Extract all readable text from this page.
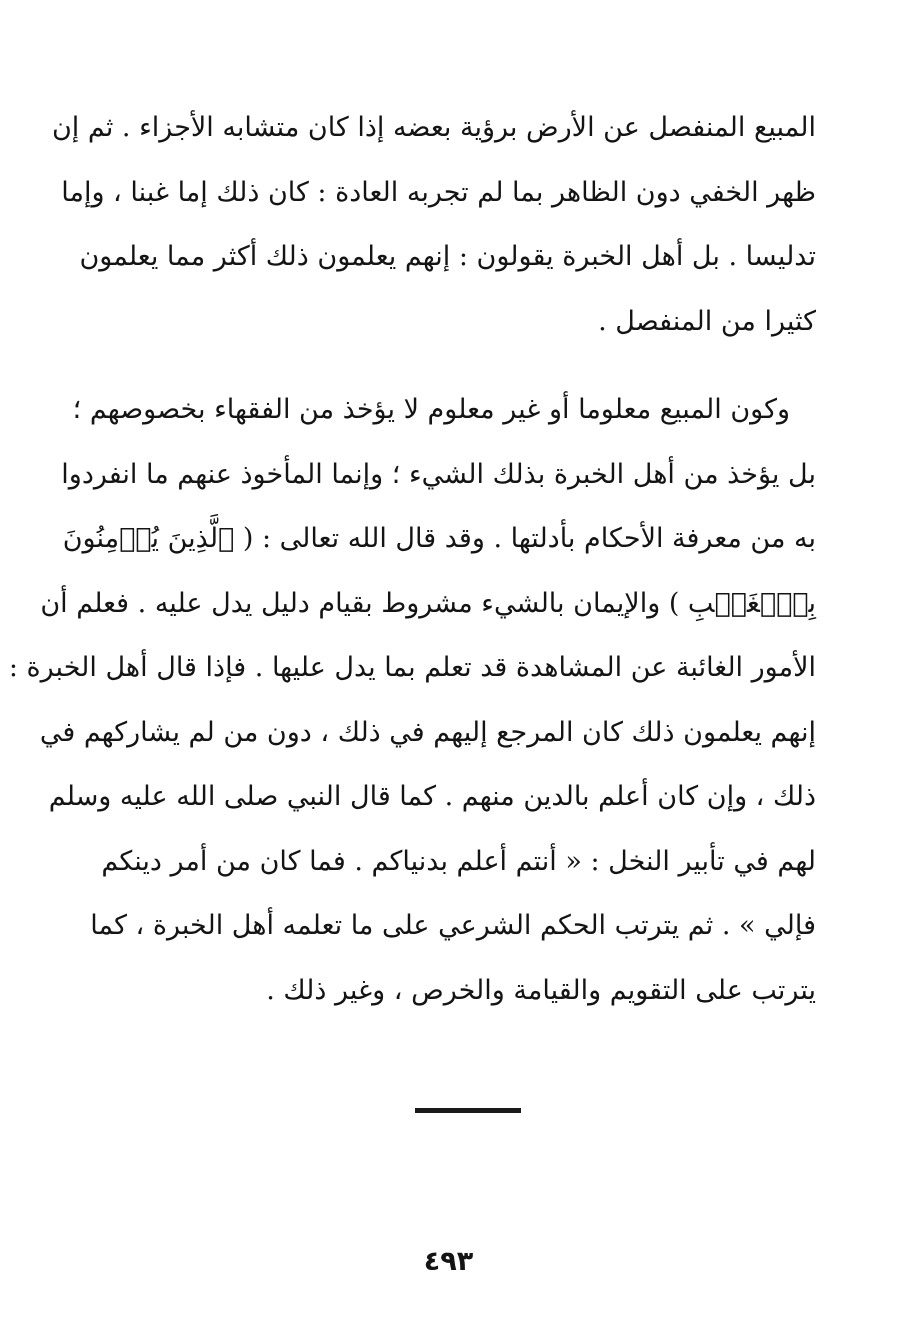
المبيع المنفصل عن الأرض برؤية بعضه إذا كان متشابه الأجزاء . ثم إن
ظهر الخفي دون الظاهر بما لم تجربه العادة : كان ذلك إما غبنا ، وإما
تدليسا . بل أهل الخبرة يقولون : إنهم يعلمون ذلك أكثر مما يعلمون
كثيرا من المنفصل .

وكون المبيع معلوما أو غير معلوم لا يؤخذ من الفقهاء بخصوصهم ؛
بل يؤخذ من أهل الخبرة بذلك الشيء ؛ وإنما المأخوذ عنهم ما انفردوا
به من معرفة الأحكام بأدلتها . وقد قال الله تعالى : ( ٱلَّذِينَ يُؤۡمِنُونَ
بِٱلۡغَيۡبِ ) والإيمان بالشيء مشروط بقيام دليل يدل عليه . فعلم أن
الأمور الغائبة عن المشاهدة قد تعلم بما يدل عليها . فإذا قال أهل الخبرة :
إنهم يعلمون ذلك كان المرجع إليهم في ذلك ، دون من لم يشاركهم في
ذلك ، وإن كان أعلم بالدين منهم . كما قال النبي صلى الله عليه وسلم
لهم في تأبير النخل : « أنتم أعلم بدنياكم . فما كان من أمر دينكم
فإلي » . ثم يترتب الحكم الشرعي على ما تعلمه أهل الخبرة ، كما
يترتب على التقويم والقيامة والخرص ، وغير ذلك .

٤٩٣
